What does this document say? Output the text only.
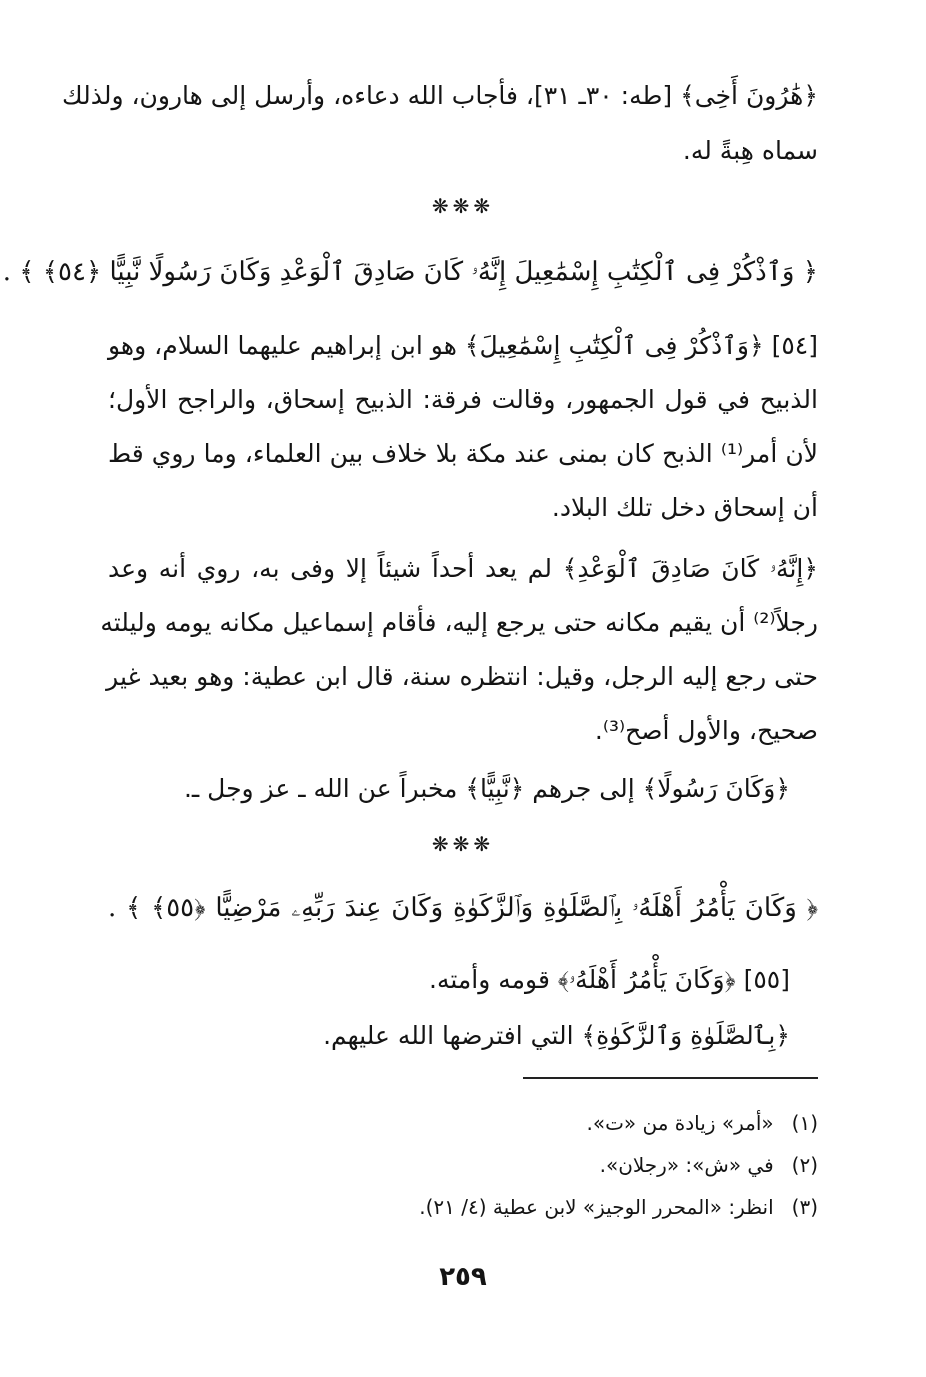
﴿هَٰرُونَ أَخِى﴾ [طه: ٣٠ـ ٣١]، فأجاب الله دعاءه، وأرسل إلى هارون، ولذلك
سماه هِبةً له.
❋❋❋
﴿ وَٱذْكُرْ فِى ٱلْكِتَٰبِ إِسْمَٰعِيلَ إِنَّهُۥ كَانَ صَادِقَ ٱلْوَعْدِ وَكَانَ رَسُولًا نَّبِيًّا ﴿٥٤﴾ ﴾ .
[٥٤] ﴿وَٱذْكُرْ فِى ٱلْكِتَٰبِ إِسْمَٰعِيلَ﴾ هو ابن إبراهيم عليهما السلام، وهو
الذبيح في قول الجمهور، وقالت فرقة: الذبيح إسحاق، والراجح الأول؛
لأن أمر⁽¹⁾ الذبح كان بمنى عند مكة بلا خلاف بين العلماء، وما روي قط
أن إسحاق دخل تلك البلاد.
﴿إِنَّهُۥ كَانَ صَادِقَ ٱلْوَعْدِ﴾ لم يعد أحداً شيئاً إلا وفى به، روي أنه وعد
رجلاً⁽²⁾ أن يقيم مكانه حتى يرجع إليه، فأقام إسماعيل مكانه يومه وليلته
حتى رجع إليه الرجل، وقيل: انتظره سنة، قال ابن عطية: وهو بعيد غير
صحيح، والأول أصح⁽³⁾.
﴿وَكَانَ رَسُولًا﴾ إلى جرهم ﴿نَّبِيًّا﴾ مخبراً عن الله ـ عز وجل ـ.
❋❋❋
﴿ وَكَانَ يَأْمُرُ أَهْلَهُۥ بِٱلصَّلَوٰةِ وَٱلزَّكَوٰةِ وَكَانَ عِندَ رَبِّهِۦ مَرْضِيًّا ﴿٥٥﴾ ﴾ .
[٥٥] ﴿وَكَانَ يَأْمُرُ أَهْلَهُۥ﴾ قومه وأمته.
﴿بِٱلصَّلَوٰةِ وَٱلزَّكَوٰةِ﴾ التي افترضها الله عليهم.
(١) «أمر» زيادة من «ت».
(٢) في «ش»: «رجلان».
(٣) انظر: «المحرر الوجيز» لابن عطية (٤/ ٢١).
٢٥٩
